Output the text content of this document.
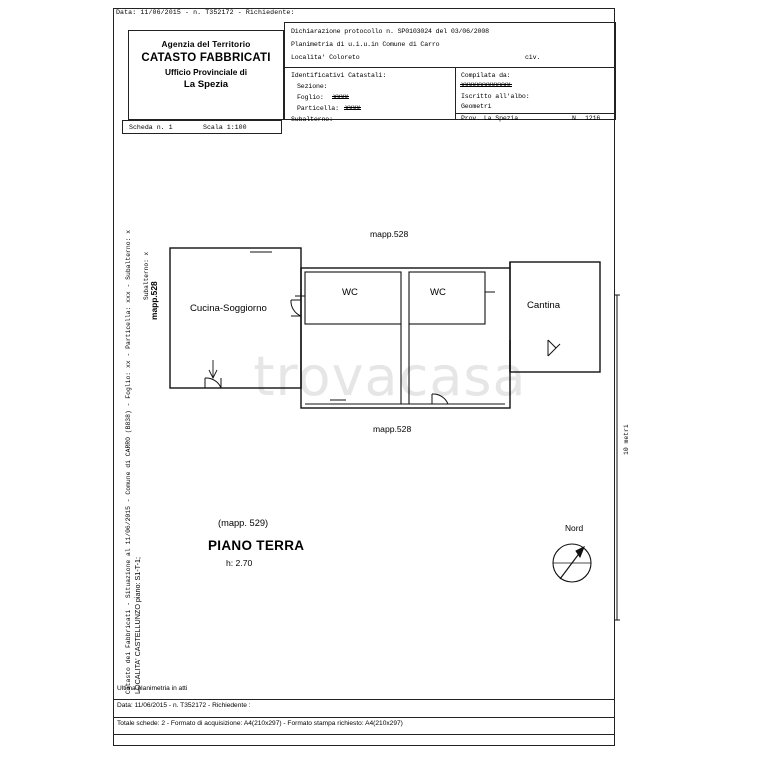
Data: 11/06/2015 - n. T352172 - Richiedente:
Agenzia del Territorio
CATASTO FABBRICATI
Ufficio Provinciale di
La Spezia
Dichiarazione protocollo n. SP0103024 del 03/06/2008
Planimetria di u.i.u.in Comune di Carro
Localita' Coloreto	civ.
Identificativi Catastali:
Sezione:
Foglio: XXXX
Particella: XXXX
Subalterno:
Compilata da:
XXXXXXXXXXXXX
Iscritto all'albo:
Geometri
Prov. La Spezia	N. 1216
Scheda n. 1	Scala 1:100
Catasto dei Fabbricati - Situazione al 11/06/2015 - Comune di CARRO (B838) - Foglio: xx - Particella: xxx - Subalterno: x LOCALITA' CASTELLUNZO piano: S1-T-1;
mapp.528
Subalterno: x
10 metri
trovacasa
Cucina-Soggiorno
WC	WC
Cantina
mapp.528
mapp.528
(mapp. 529)
PIANO TERRA
h: 2.70
Nord
Ultima planimetria in atti
Data: 11/06/2015 - n. T352172 - Richiedente :
Totale schede: 2 - Formato di acquisizione: A4(210x297) - Formato stampa richiesto: A4(210x297)
